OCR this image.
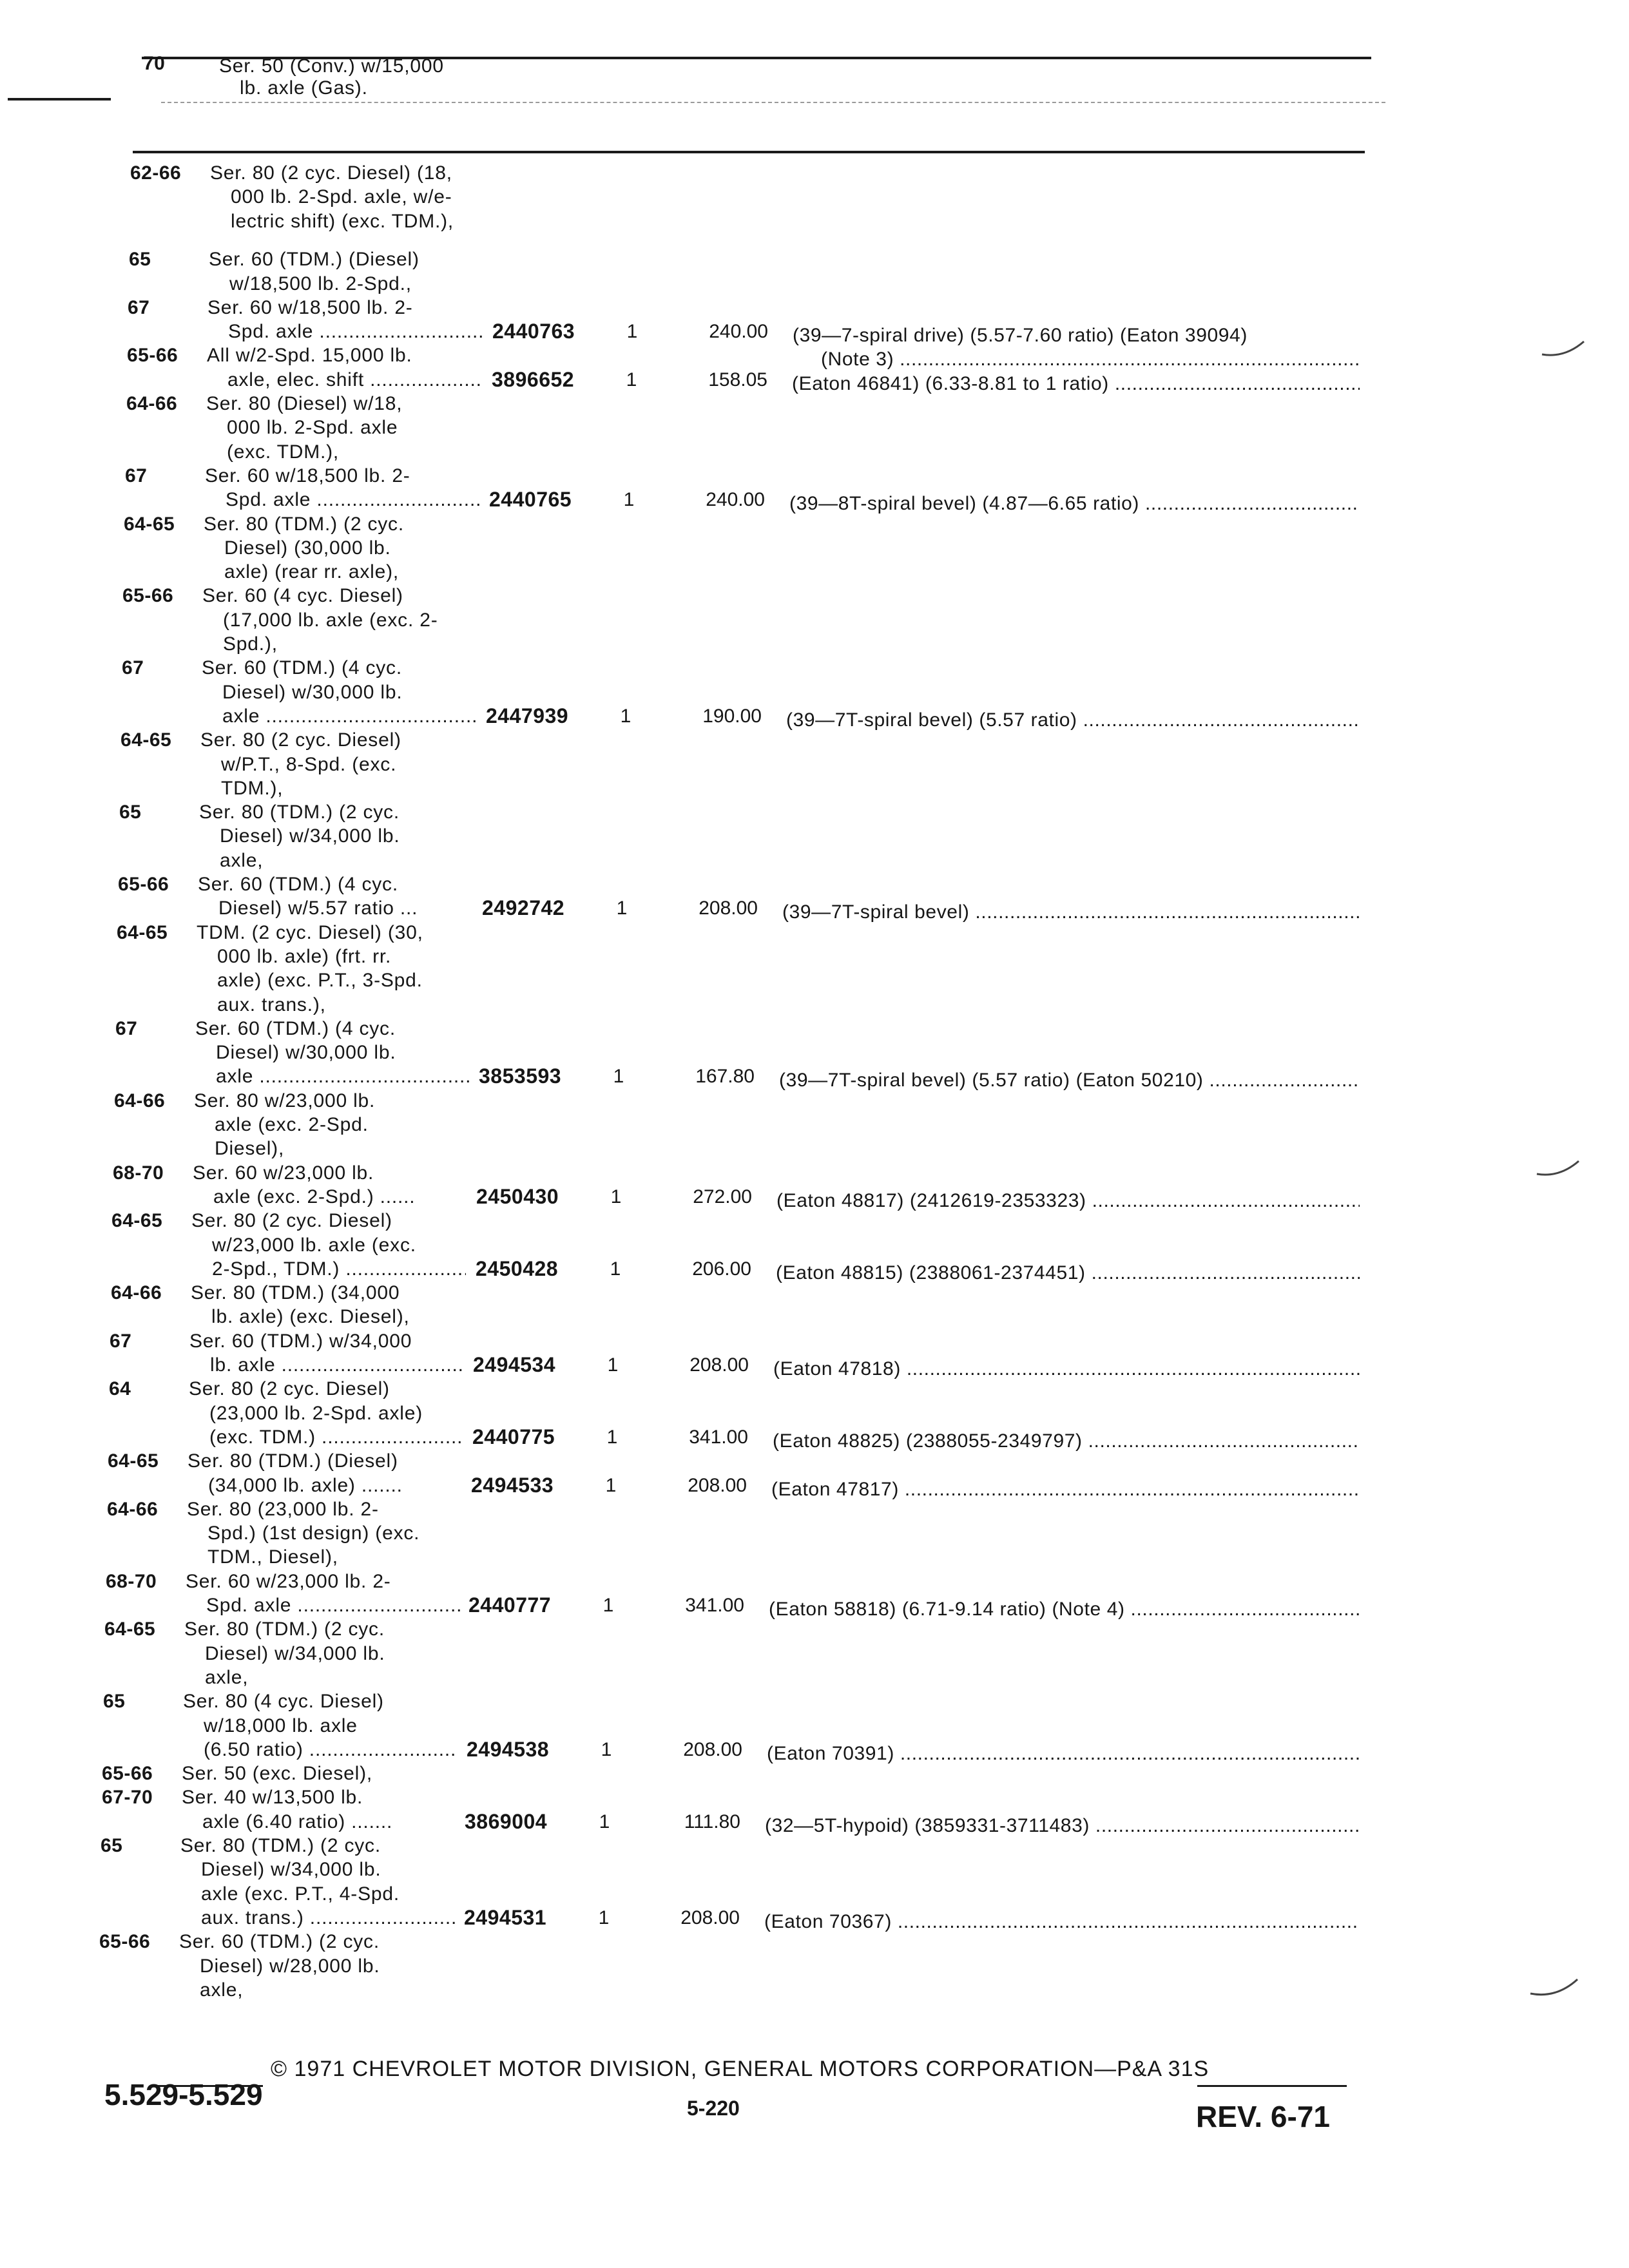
70	Ser. 50 (Conv.) w/15,000
lb. axle (Gas).
62-66 Ser. 80 (2 cyc. Diesel) (18,
000 lb. 2-Spd. axle, w/e-
lectric shift) (exc. TDM.),
65	Ser. 60 (TDM.) (Diesel)
w/18,500 lb. 2-Spd.,
67	Ser. 60 w/18,500 lb. 2-
Spd. axle .....	2440763	1	240.00 (39—7-spiral drive) (5.57-7.60 ratio) (Eaton 39094)
(Note 3) .....
65-66 All w/2-Spd. 15,000 lb.
axle, elec. shift .....	3896652	1	158.05 (Eaton 46841) (6.33-8.81 to 1 ratio) .....
64-66 Ser. 80 (Diesel) w/18,
000 lb. 2-Spd. axle
(exc. TDM.),
67	Ser. 60 w/18,500 lb. 2-
Spd. axle .....	2440765	1	240.00 (39—8T-spiral bevel) (4.87—6.65 ratio) .....
64-65 Ser. 80 (TDM.) (2 cyc.
Diesel) (30,000 lb.
axle) (rear rr. axle),
65-66 Ser. 60 (4 cyc. Diesel)
(17,000 lb. axle (exc. 2-
Spd.),
67	Ser. 60 (TDM.) (4 cyc.
Diesel) w/30,000 lb.
axle .....	2447939	1	190.00 (39—7T-spiral bevel) (5.57 ratio) .....
64-65 Ser. 80 (2 cyc. Diesel)
w/P.T., 8-Spd. (exc.
TDM.),
65	Ser. 80 (TDM.) (2 cyc.
Diesel) w/34,000 lb.
axle,
65-66 Ser. 60 (TDM.) (4 cyc.
Diesel) w/5.57 ratio ...	2492742	1	208.00 (39—7T-spiral bevel) .....
64-65 TDM. (2 cyc. Diesel) (30,
000 lb. axle) (frt. rr.
axle) (exc. P.T., 3-Spd.
aux. trans.),
67	Ser. 60 (TDM.) (4 cyc.
Diesel) w/30,000 lb.
axle .....	3853593	1	167.80 (39—7T-spiral bevel) (5.57 ratio) (Eaton 50210) .....
64-66 Ser. 80 w/23,000 lb.
axle (exc. 2-Spd.
Diesel),
68-70 Ser. 60 w/23,000 lb.
axle (exc. 2-Spd.) ......	2450430	1	272.00 (Eaton 48817) (2412619-2353323) .....
64-65 Ser. 80 (2 cyc. Diesel)
w/23,000 lb. axle (exc.
2-Spd., TDM.) .....	2450428	1	206.00 (Eaton 48815) (2388061-2374451) .....
64-66 Ser. 80 (TDM.) (34,000
lb. axle) (exc. Diesel),
67	Ser. 60 (TDM.) w/34,000
lb. axle .....	2494534	1	208.00 (Eaton 47818) .....
64	Ser. 80 (2 cyc. Diesel)
(23,000 lb. 2-Spd. axle)
(exc. TDM.) .....	2440775	1	341.00 (Eaton 48825) (2388055-2349797) .....
64-65 Ser. 80 (TDM.) (Diesel)
(34,000 lb. axle) .......	2494533	1	208.00 (Eaton 47817) .....
64-66 Ser. 80 (23,000 lb. 2-
Spd.) (1st design) (exc.
TDM., Diesel),
68-70 Ser. 60 w/23,000 lb. 2-
Spd. axle .....	2440777	1	341.00 (Eaton 58818) (6.71-9.14 ratio) (Note 4) .....
64-65 Ser. 80 (TDM.) (2 cyc.
Diesel) w/34,000 lb.
axle,
65	Ser. 80 (4 cyc. Diesel)
w/18,000 lb. axle
(6.50 ratio) .....	2494538	1	208.00 (Eaton 70391) .....
65-66 Ser. 50 (exc. Diesel),
67-70 Ser. 40 w/13,500 lb.
axle (6.40 ratio) .......	3869004	1	111.80 (32—5T-hypoid) (3859331-3711483) .....
65	Ser. 80 (TDM.) (2 cyc.
Diesel) w/34,000 lb.
axle (exc. P.T., 4-Spd.
aux. trans.) .....	2494531	1	208.00 (Eaton 70367) .....
65-66 Ser. 60 (TDM.) (2 cyc.
Diesel) w/28,000 lb.
axle,
© 1971 CHEVROLET MOTOR DIVISION, GENERAL MOTORS CORPORATION—P&A 31S
5.529-5.529	5-220	REV. 6-71
